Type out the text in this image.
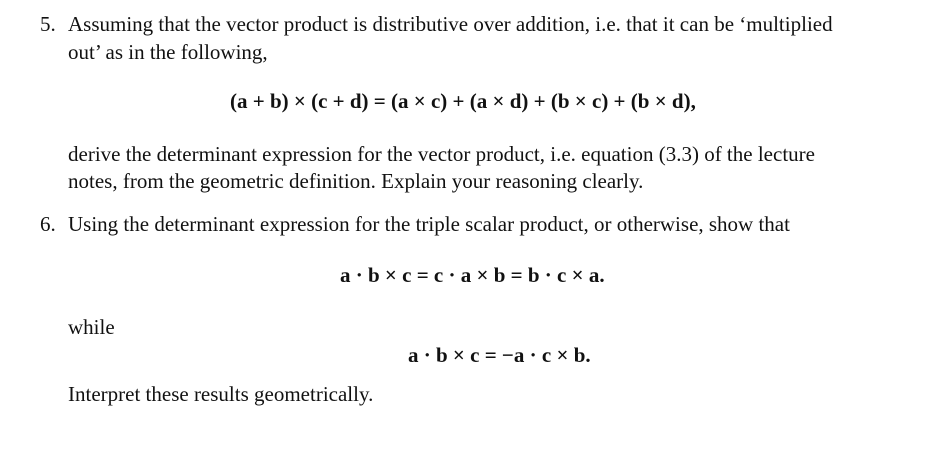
5. Assuming that the vector product is distributive over addition, i.e. that it can be ‘multiplied
out’ as in the following,
(a + b) × (c + d) = (a × c) + (a × d) + (b × c) + (b × d),
derive the determinant expression for the vector product, i.e. equation (3.3) of the lecture
notes, from the geometric definition. Explain your reasoning clearly.
6. Using the determinant expression for the triple scalar product, or otherwise, show that
a · b × c = c · a × b = b · c × a.
while
a · b × c = −a · c × b.
Interpret these results geometrically.
